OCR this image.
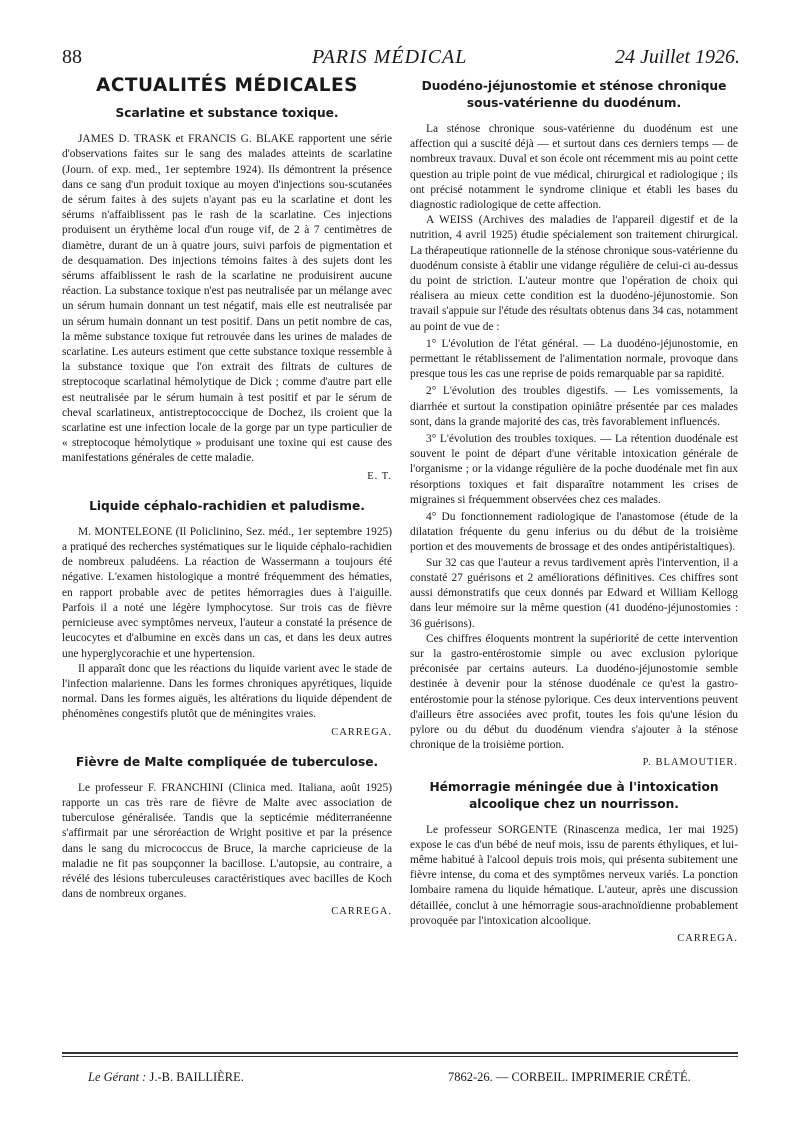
88	PARIS MÉDICAL	24 Juillet 1926.
ACTUALITÉS MÉDICALES
Scarlatine et substance toxique.

JAMES D. TRASK et FRANCIS G. BLAKE rapportent une série d'observations faites sur le sang des malades atteints de scarlatine (Journ. of exp. med., 1er septembre 1924). Ils démontrent la présence dans ce sang d'un produit toxique au moyen d'injections sou-scutanées de sérum faites à des sujets n'ayant pas eu la scarlatine et dont les sérums n'affaiblissent pas le rash de la scarlatine. Ces injections produisent un érythème local d'un rouge vif, de 2 à 7 centimètres de diamètre, durant de un à quatre jours, suivi parfois de pigmentation et de desquamation. Des injections témoins faites à des sujets dont les sérums affaiblissent le rash de la scarlatine ne produisirent aucune réaction. La substance toxique n'est pas neutralisée par un mélange avec un sérum humain donnant un test négatif, mais elle est neutralisée par un sérum humain donnant un test positif. Dans un petit nombre de cas, la même substance toxique fut retrouvée dans les urines de malades de scarlatine. Les auteurs estiment que cette substance toxique ressemble à la substance toxique que l'on extrait des filtrats de cultures de streptocoque scarlatinal hémolytique de Dick ; comme d'autre part elle est neutralisée par le sérum humain à test positif et par le sérum de cheval scarlatineux, antistreptococcique de Dochez, ils croient que la scarlatine est une infection locale de la gorge par un type particulier de « streptocoque hémolytique » produisant une toxine qui est cause des manifestations générales de cette maladie.

E. T.
Liquide céphalo-rachidien et paludisme.

M. MONTELEONE (Il Policlinino, Sez. méd., 1er septembre 1925) a pratiqué des recherches systématiques sur le liquide céphalo-rachidien de nombreux paludéens. La réaction de Wassermann a toujours été négative. L'examen histologique a montré fréquemment des hématies, en rapport probable avec de petites hémorragies dues à l'aiguille. Parfois il a noté une légère lymphocytose. Sur trois cas de fièvre pernicieuse avec symptômes nerveux, l'auteur a constaté la présence de leucocytes et d'albumine en excès dans un cas, et dans les deux autres une hyperglycorachie et une hypertension.

Il apparaît donc que les réactions du liquide varient avec le stade de l'infection malarienne. Dans les formes chroniques apyrétiques, liquide normal. Dans les formes aiguës, les altérations du liquide dépendent de phénomènes congestifs plutôt que de méningites vraies.

CARREGA.
Fièvre de Malte compliquée de tuberculose.

Le professeur F. FRANCHINI (Clinica med. Italiana, août 1925) rapporte un cas très rare de fièvre de Malte avec association de tuberculose généralisée. Tandis que la septicémie méditerranéenne s'affirmait par une séroréaction de Wright positive et par la présence dans le sang du micrococcus de Bruce, la marche capricieuse de la maladie ne fit pas soupçonner la bacillose. L'autopsie, au contraire, a révélé des lésions tuberculeuses caractéristiques avec bacilles de Koch dans de nombreux organes.

CARREGA.
Duodéno-jéjunostomie et sténose chronique sous-vatérienne du duodénum.

La sténose chronique sous-vatérienne du duodénum est une affection qui a suscité déjà — et surtout dans ces derniers temps — de nombreux travaux. Duval et son école ont récemment mis au point cette question au triple point de vue médical, chirurgical et radiologique ; ils ont précisé notamment le syndrome clinique et établi les bases du diagnostic radiologique de cette affection.

A WEISS (Archives des maladies de l'appareil digestif et de la nutrition, 4 avril 1925) étudie spécialement son traitement chirurgical. La thérapeutique rationnelle de la sténose chronique sous-vatérienne du duodénum consiste à établir une vidange régulière de celui-ci au-dessus du point de striction. L'auteur montre que l'opération de choix qui réalisera au mieux cette condition est la duodéno-jéjunostomie. Son travail s'appuie sur l'étude des résultats obtenus dans 34 cas, notamment au point de vue de :

1° L'évolution de l'état général. — La duodéno-jéjunostomie, en permettant le rétablissement de l'alimentation normale, provoque dans presque tous les cas une reprise de poids remarquable par sa rapidité.

2° L'évolution des troubles digestifs. — Les vomissements, la diarrhée et surtout la constipation opiniâtre présentée par ces malades sont, dans la grande majorité des cas, très favorablement influencés.

3° L'évolution des troubles toxiques. — La rétention duodénale est souvent le point de départ d'une véritable intoxication générale de l'organisme ; or la vidange régulière de la poche duodénale met fin aux résorptions toxiques et fait disparaître notamment les crises de migraines si fréquemment observées chez ces malades.

4° Du fonctionnement radiologique de l'anastomose (étude de la dilatation fréquente du genu inferius ou du début de la troisième portion et des mouvements de brossage et des ondes antipéristaltiques).

Sur 32 cas que l'auteur a revus tardivement après l'intervention, il a constaté 27 guérisons et 2 améliorations définitives. Ces chiffres sont aussi démonstratifs que ceux donnés par Edward et William Kellogg dans leur mémoire sur la même question (41 duodéno-jéjunostomies : 36 guérisons).

Ces chiffres éloquents montrent la supériorité de cette intervention sur la gastro-entérostomie simple ou avec exclusion pylorique préconisée par certains auteurs. La duodéno-jéjunostomie semble destinée à devenir pour la sténose duodénale ce qu'est la gastro-entérostomie pour la sténose pylorique. Ces deux interventions peuvent d'ailleurs être associées avec profit, toutes les fois qu'une lésion du pylore ou du début du duodénum viendra s'ajouter à la sténose chronique de la troisième portion.

P. BLAMOUTIER.
Hémorragie méningée due à l'intoxication alcoolique chez un nourrisson.

Le professeur SORGENTE (Rinascenza medica, 1er mai 1925) expose le cas d'un bébé de neuf mois, issu de parents éthyliques, et lui-même habitué à l'alcool depuis trois mois, qui présenta subitement une fièvre intense, du coma et des symptômes nerveux variés. La ponction lombaire ramena du liquide hématique. L'auteur, après une discussion détaillée, conclut à une hémorragie sous-arachnoïdienne probablement provoquée par l'intoxication alcoolique.

CARREGA.
Le Gérant : J.-B. BAILLIÈRE.	7862-26. — CORBEIL. IMPRIMERIE CRÉTÉ.
